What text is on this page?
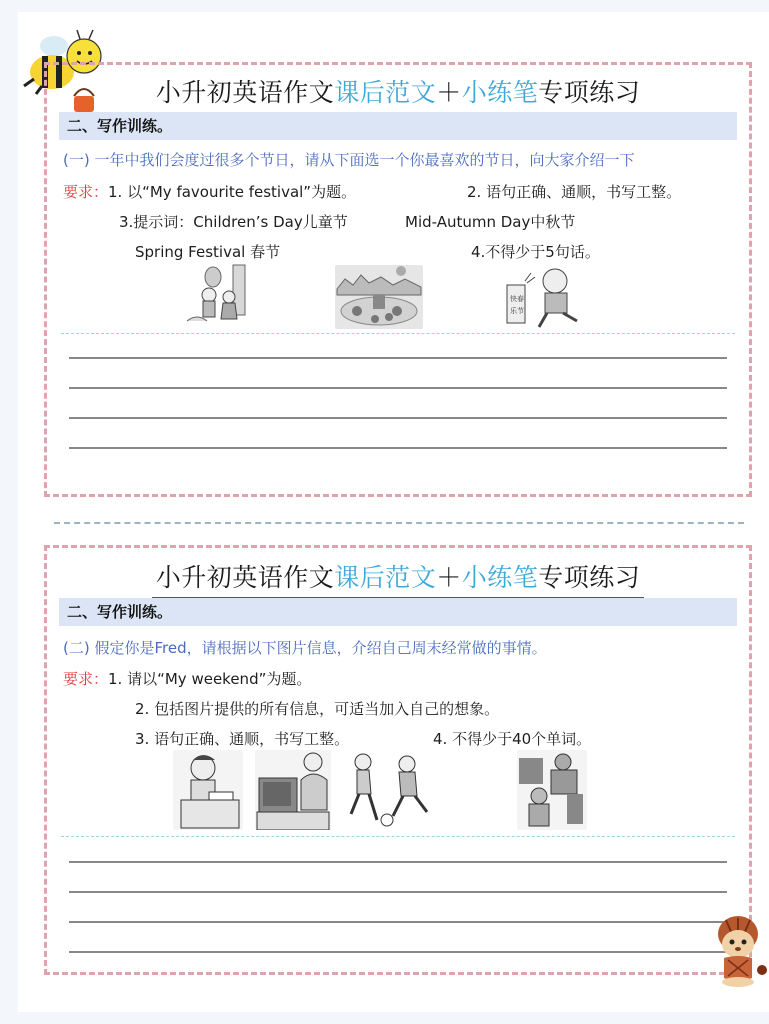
小升初英语作文课后范文＋小练笔专项练习
二、写作训练。
(一) 一年中我们会度过很多个节日，请从下面选一个你最喜欢的节日，向大家介绍一下
要求：1. 以“My favourite festival”为题。	2. 语句正确、通顺，书写工整。
3.提示词：Children’s Day儿童节	Mid-Autumn Day中秋节
Spring Festival 春节	4.不得少于5句话。
快春
乐节
小升初英语作文课后范文＋小练笔专项练习
二、写作训练。
(二) 假定你是Fred，请根据以下图片信息，介绍自己周末经常做的事情。
要求：1. 请以“My weekend”为题。
2. 包括图片提供的所有信息，可适当加入自己的想象。
3. 语句正确、通顺，书写工整。	4. 不得少于40个单词。
